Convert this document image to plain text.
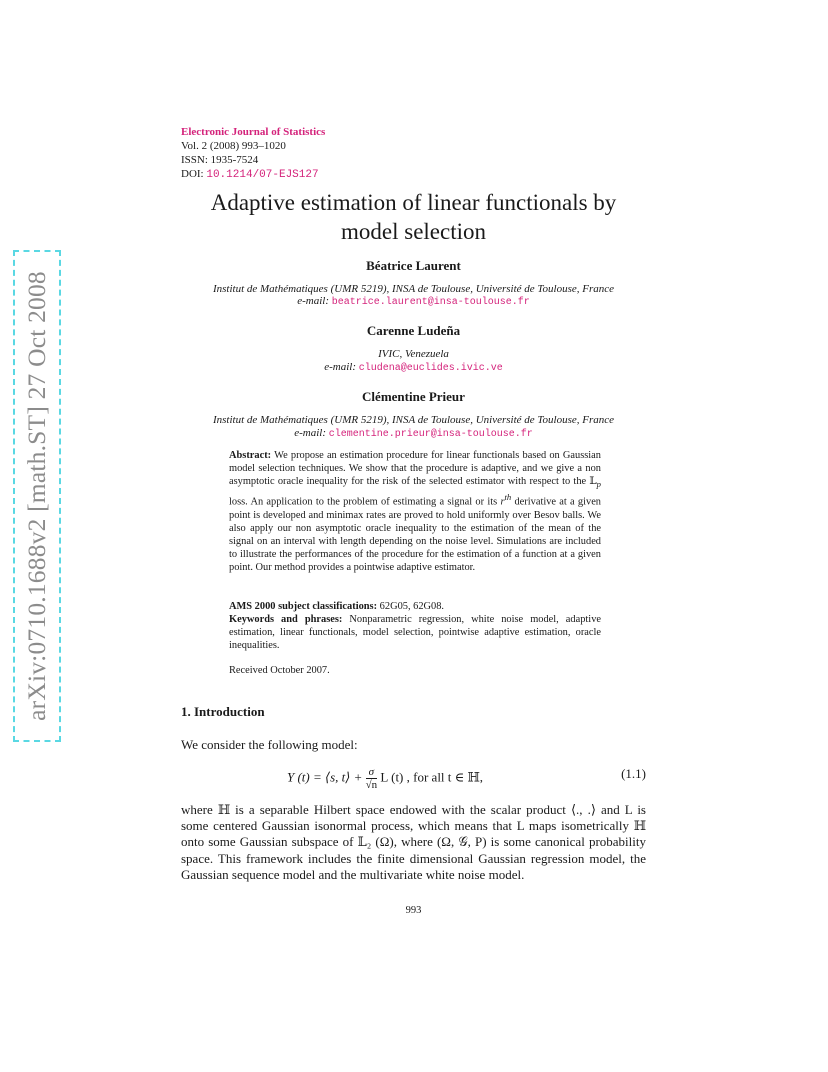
arXiv:0710.1688v2 [math.ST] 27 Oct 2008
Electronic Journal of Statistics
Vol. 2 (2008) 993–1020
ISSN: 1935-7524
DOI: 10.1214/07-EJS127
Adaptive estimation of linear functionals by model selection
Béatrice Laurent
Institut de Mathématiques (UMR 5219), INSA de Toulouse, Université de Toulouse, France
e-mail: beatrice.laurent@insa-toulouse.fr
Carenne Ludeña
IVIC, Venezuela
e-mail: cludena@euclides.ivic.ve
Clémentine Prieur
Institut de Mathématiques (UMR 5219), INSA de Toulouse, Université de Toulouse, France
e-mail: clementine.prieur@insa-toulouse.fr
Abstract: We propose an estimation procedure for linear functionals based on Gaussian model selection techniques. We show that the procedure is adaptive, and we give a non asymptotic oracle inequality for the risk of the selected estimator with respect to the 𝕃$_p$ loss. An application to the problem of estimating a signal or its $r^{th}$ derivative at a given point is developed and minimax rates are proved to hold uniformly over Besov balls. We also apply our non asymptotic oracle inequality to the estimation of the mean of the signal on an interval with length depending on the noise level. Simulations are included to illustrate the performances of the procedure for the estimation of a function at a given point. Our method provides a pointwise adaptive estimator.
AMS 2000 subject classifications: 62G05, 62G08.
Keywords and phrases: Nonparametric regression, white noise model, adaptive estimation, linear functionals, model selection, pointwise adaptive estimation, oracle inequalities.
Received October 2007.
1. Introduction
We consider the following model:
Y (t) = ⟨s, t⟩ + $\frac{\sigma}{√n}$ L (t) , for all t ∈ ℍ,	(1.1)
where ℍ is a separable Hilbert space endowed with the scalar product ⟨., .⟩ and L is some centered Gaussian isonormal process, which means that L maps isometrically ℍ onto some Gaussian subspace of 𝕃₂ (Ω), where (Ω, 𝒢, P) is some canonical probability space. This framework includes the finite dimensional Gaussian regression model, the Gaussian sequence model and the multivariate white noise model.
993
